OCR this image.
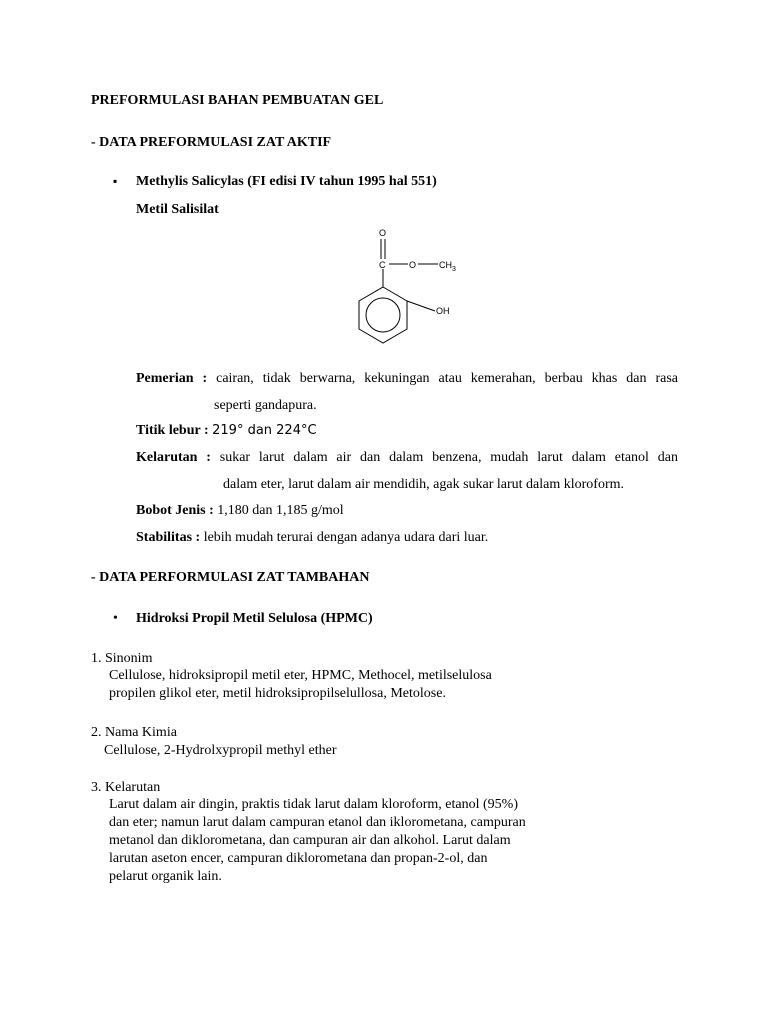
PREFORMULASI BAHAN PEMBUATAN GEL
- DATA PREFORMULASI ZAT AKTIF
▪ Methylis Salicylas (FI edisi IV tahun 1995 hal 551)
Metil Salisilat
O
C	O	$CH_3$
OH
Pemerian : cairan, tidak berwarna, kekuningan atau kemerahan, berbau khas dan rasa
seperti gandapura.
Titik lebur : 219° dan 224°C
Kelarutan : sukar larut dalam air dan dalam benzena, mudah larut dalam etanol dan
dalam eter, larut dalam air mendidih, agak sukar larut dalam kloroform.
Bobot Jenis : 1,180 dan 1,185 g/mol
Stabilitas : lebih mudah terurai dengan adanya udara dari luar.
- DATA PERFORMULASI ZAT TAMBAHAN
• Hidroksi Propil Metil Selulosa (HPMC)
1. Sinonim
Cellulose, hidroksipropil metil eter, HPMC, Methocel, metilselulosa
propilen glikol eter, metil hidroksipropilselullosa, Metolose.
2. Nama Kimia
Cellulose, 2-Hydrolxypropil methyl ether
3. Kelarutan
Larut dalam air dingin, praktis tidak larut dalam kloroform, etanol (95%)
dan eter; namun larut dalam campuran etanol dan iklorometana, campuran
metanol dan diklorometana, dan campuran air dan alkohol. Larut dalam
larutan aseton encer, campuran diklorometana dan propan-2-ol, dan
pelarut organik lain.
